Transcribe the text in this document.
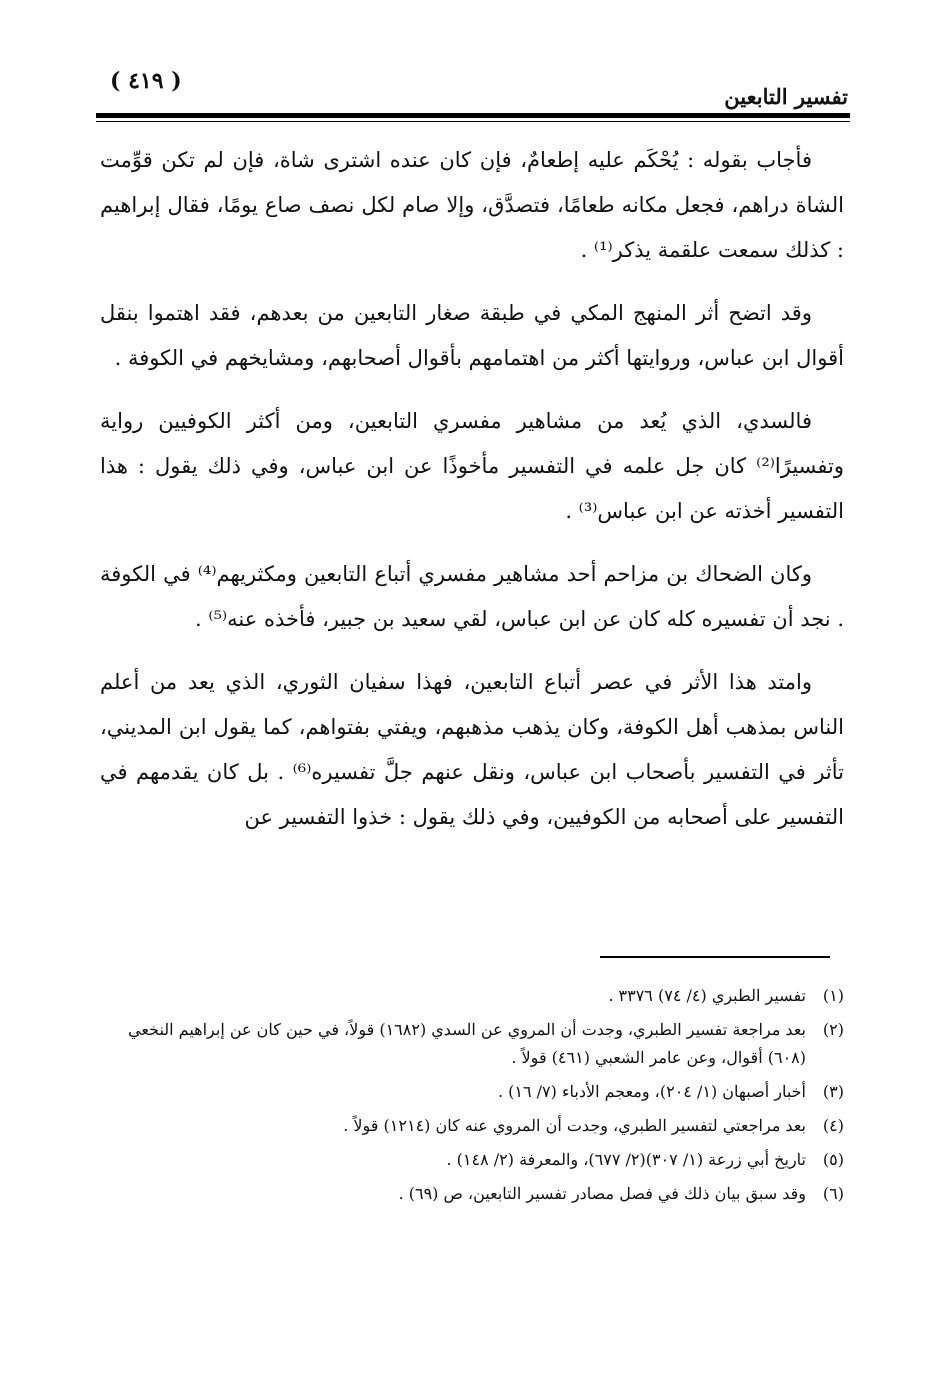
تفسير التابعين
( ٤١٩ )

فأجاب بقوله : يُحْكَم عليه إطعامٌ، فإن كان عنده اشترى شاة، فإن لم تكن قوِّمت الشاة دراهم، فجعل مكانه طعامًا، فتصدَّق، وإلا صام لكل نصف صاع يومًا، فقال إبراهيم : كذلك سمعت علقمة يذكر⁽¹⁾ .

وقد اتضح أثر المنهج المكي في طبقة صغار التابعين من بعدهم، فقد اهتموا بنقل أقوال ابن عباس، وروايتها أكثر من اهتمامهم بأقوال أصحابهم، ومشايخهم في الكوفة .

فالسدي، الذي يُعد من مشاهير مفسري التابعين، ومن أكثر الكوفيين رواية وتفسيرًا⁽²⁾ كان جل علمه في التفسير مأخوذًا عن ابن عباس، وفي ذلك يقول : هذا التفسير أخذته عن ابن عباس⁽³⁾ .

وكان الضحاك بن مزاحم أحد مشاهير مفسري أتباع التابعين ومكثريهم⁽⁴⁾ في الكوفة . نجد أن تفسيره كله كان عن ابن عباس، لقي سعيد بن جبير، فأخذه عنه⁽⁵⁾ .

وامتد هذا الأثر في عصر أتباع التابعين، فهذا سفيان الثوري، الذي يعد من أعلم الناس بمذهب أهل الكوفة، وكان يذهب مذهبهم، ويفتي بفتواهم، كما يقول ابن المديني، تأثر في التفسير بأصحاب ابن عباس، ونقل عنهم جلَّ تفسيره⁽⁶⁾ . بل كان يقدمهم في التفسير على أصحابه من الكوفيين، وفي ذلك يقول : خذوا التفسير عن

(١)تفسير الطبري (٤/ ٧٤) ٣٣٧٦ .
(٢)بعد مراجعة تفسير الطبري، وجدت أن المروي عن السدي (١٦٨٢) قولاً، في حين كان عن إبراهيم النخعي (٦٠٨) أقوال، وعن عامر الشعبي (٤٦١) قولاً .
(٣)أخبار أصبهان (١/ ٢٠٤)، ومعجم الأدباء (٧/ ١٦) .
(٤)بعد مراجعتي لتفسير الطبري، وجدت أن المروي عنه كان (١٢١٤) قولاً .
(٥)تاريخ أبي زرعة (١/ ٣٠٧)(٢/ ٦٧٧)، والمعرفة (٢/ ١٤٨) .
(٦)وقد سبق بيان ذلك في فصل مصادر تفسير التابعين، ص (٦٩) .
